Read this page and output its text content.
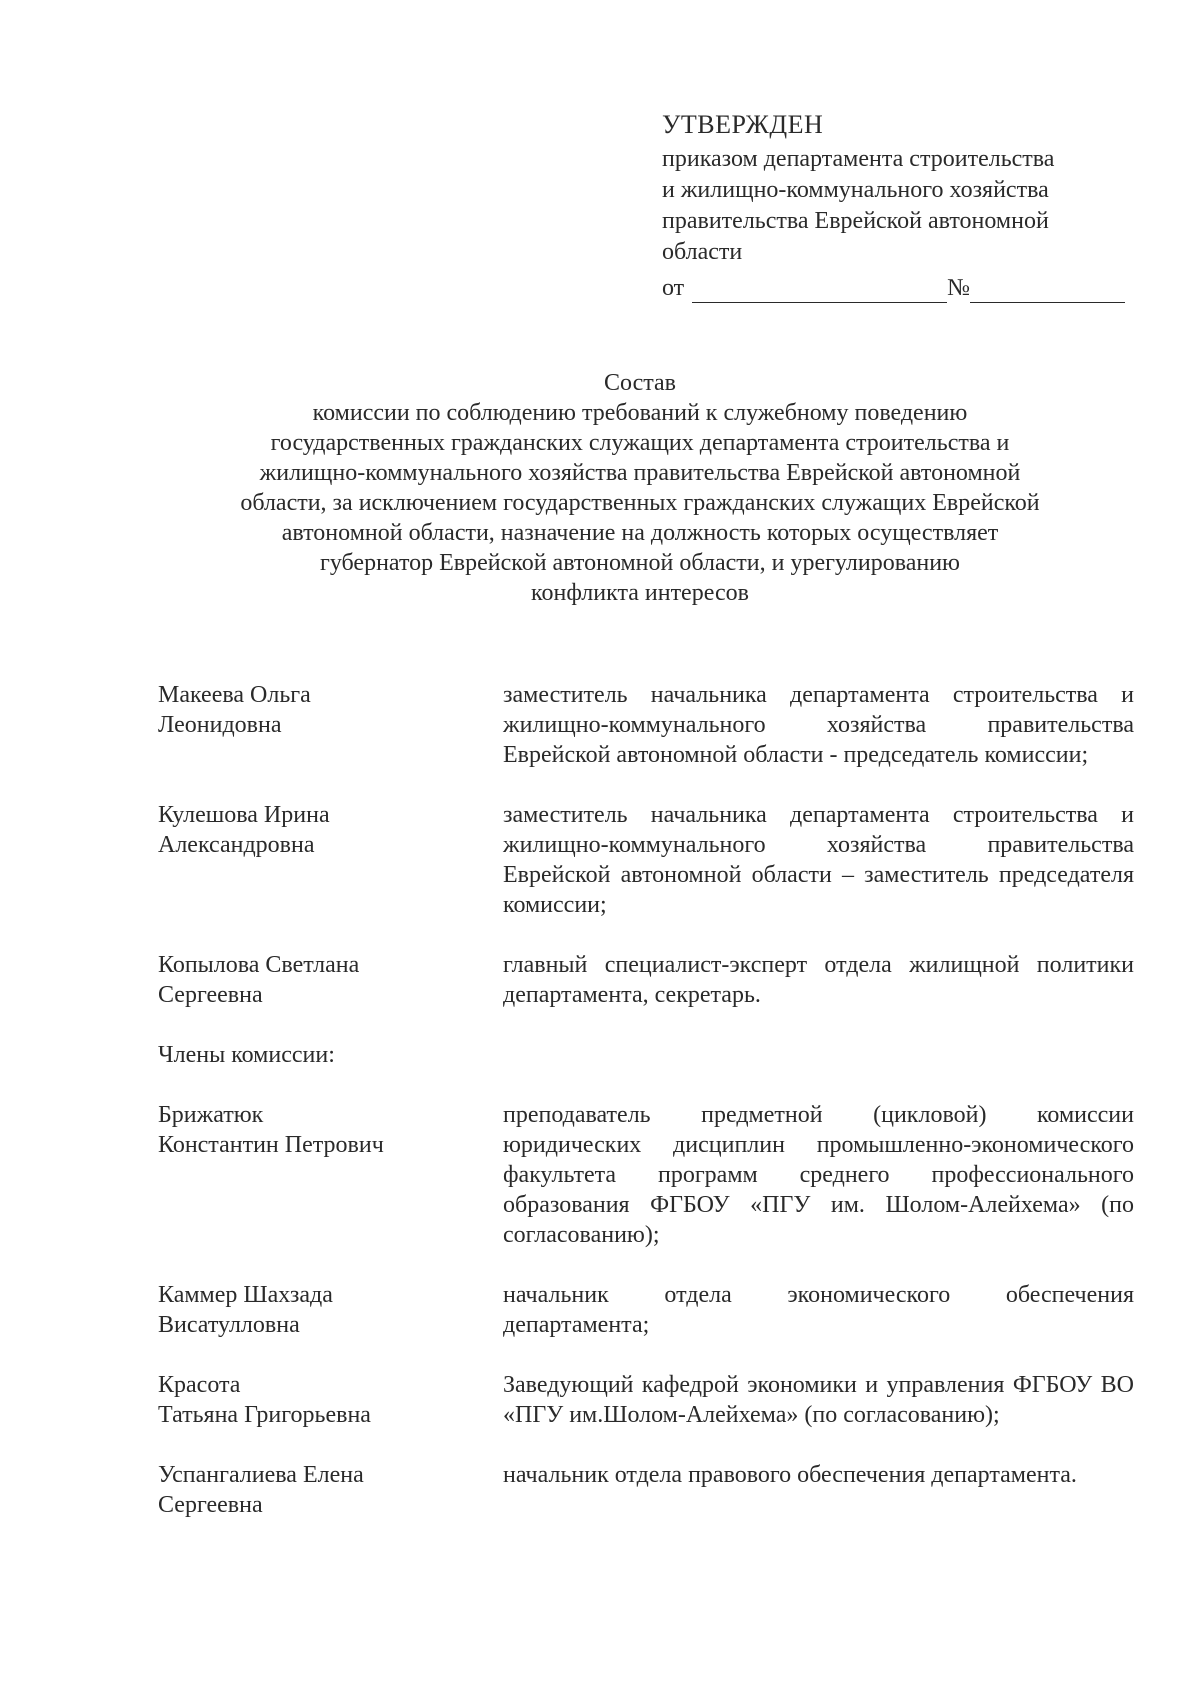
УТВЕРЖДЕН
приказом департамента строительства
и жилищно-коммунального хозяйства
правительства Еврейской автономной
области
от	№
Состав
комиссии по соблюдению требований к служебному поведению
государственных гражданских служащих департамента строительства и
жилищно-коммунального хозяйства правительства Еврейской автономной
области, за исключением государственных гражданских служащих Еврейской
автономной области, назначение на должность которых осуществляет
губернатор Еврейской автономной области, и урегулированию
конфликта интересов
Макеева Ольга
Леонидовна
заместитель начальника департамента строительства и жилищно-коммунального хозяйства правительства Еврейской автономной области - председатель комиссии;
Кулешова Ирина
Александровна
заместитель начальника департамента строительства и жилищно-коммунального хозяйства правительства Еврейской автономной области – заместитель председателя комиссии;
Копылова Светлана
Сергеевна
главный специалист-эксперт отдела жилищной политики департамента, секретарь.
Члены комиссии:
Брижатюк
Константин Петрович
преподаватель предметной (цикловой) комиссии юридических дисциплин промышленно-экономического факультета программ среднего профессионального образования ФГБОУ «ПГУ им. Шолом-Алейхема» (по согласованию);
Каммер Шахзада
Висатулловна
начальник отдела экономического обеспечения департамента;
Красота
Татьяна Григорьевна
Заведующий кафедрой экономики и управления ФГБОУ ВО «ПГУ им.Шолом-Алейхема» (по согласованию);
Успангалиева Елена
Сергеевна
начальник отдела правового обеспечения департамента.
